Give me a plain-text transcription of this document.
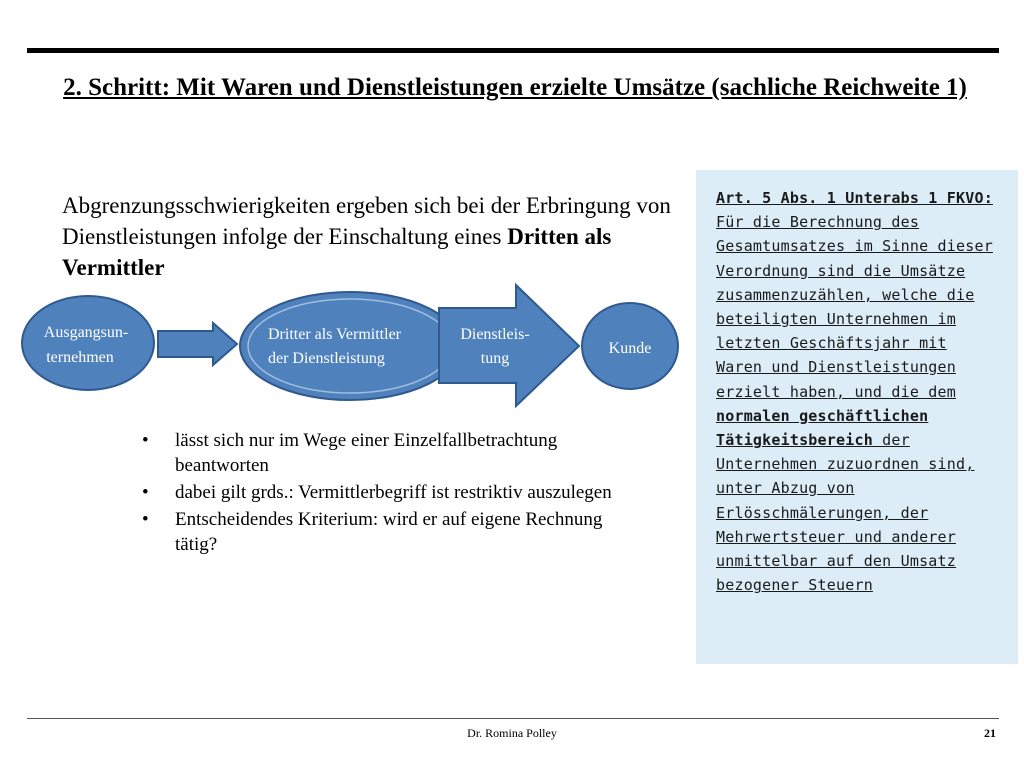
2. Schritt: Mit Waren und Dienstleistungen erzielte Umsätze (sachliche Reichweite 1)
Abgrenzungsschwierigkeiten ergeben sich bei der Erbringung von Dienstleistungen infolge der Einschaltung eines Dritten als Vermittler
Ausgangsun-
ternehmen
Dritter als Vermittler
der Dienstleistung
Dienstleis-
tung
Kunde
• lässt sich nur im Wege einer Einzelfallbetrachtung beantworten
• dabei gilt grds.: Vermittlerbegriff ist restriktiv auszulegen
• Entscheidendes Kriterium: wird er auf eigene Rechnung tätig?

Art. 5 Abs. 1 Unterabs 1 FKVO: Für die Berechnung des Gesamtumsatzes im Sinne dieser Verordnung sind die Umsätze zusammenzuzählen, welche die beteiligten Unternehmen im letzten Geschäftsjahr mit Waren und Dienstleistungen erzielt haben, und die dem normalen geschäftlichen Tätigkeitsbereich der Unternehmen zuzuordnen sind, unter Abzug von Erlösschmälerungen, der Mehrwertsteuer und anderer unmittelbar auf den Umsatz bezogener Steuern

Dr. Romina Polley	21
